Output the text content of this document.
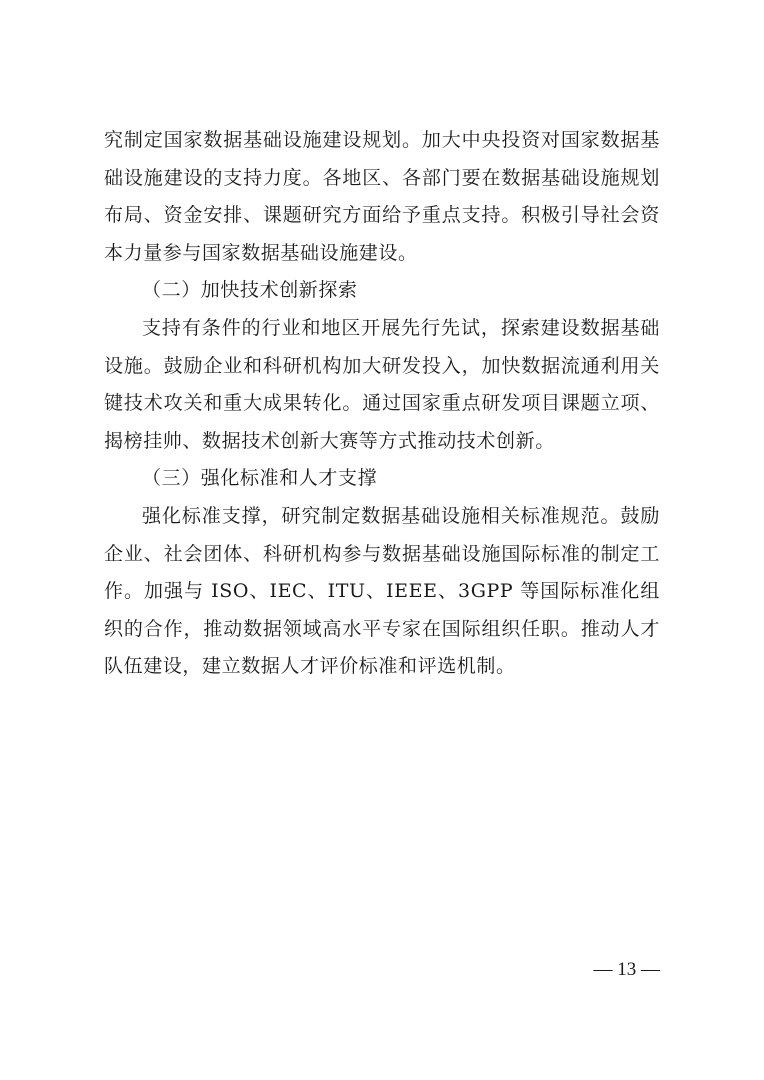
究制定国家数据基础设施建设规划。加大中央投资对国家数据基础设施建设的支持力度。各地区、各部门要在数据基础设施规划布局、资金安排、课题研究方面给予重点支持。积极引导社会资本力量参与国家数据基础设施建设。

（二）加快技术创新探索

支持有条件的行业和地区开展先行先试，探索建设数据基础设施。鼓励企业和科研机构加大研发投入，加快数据流通利用关键技术攻关和重大成果转化。通过国家重点研发项目课题立项、揭榜挂帅、数据技术创新大赛等方式推动技术创新。

（三）强化标准和人才支撑

强化标准支撑，研究制定数据基础设施相关标准规范。鼓励企业、社会团体、科研机构参与数据基础设施国际标准的制定工作。加强与 ISO、IEC、ITU、IEEE、3GPP 等国际标准化组织的合作，推动数据领域高水平专家在国际组织任职。推动人才队伍建设，建立数据人才评价标准和评选机制。

— 13 —
